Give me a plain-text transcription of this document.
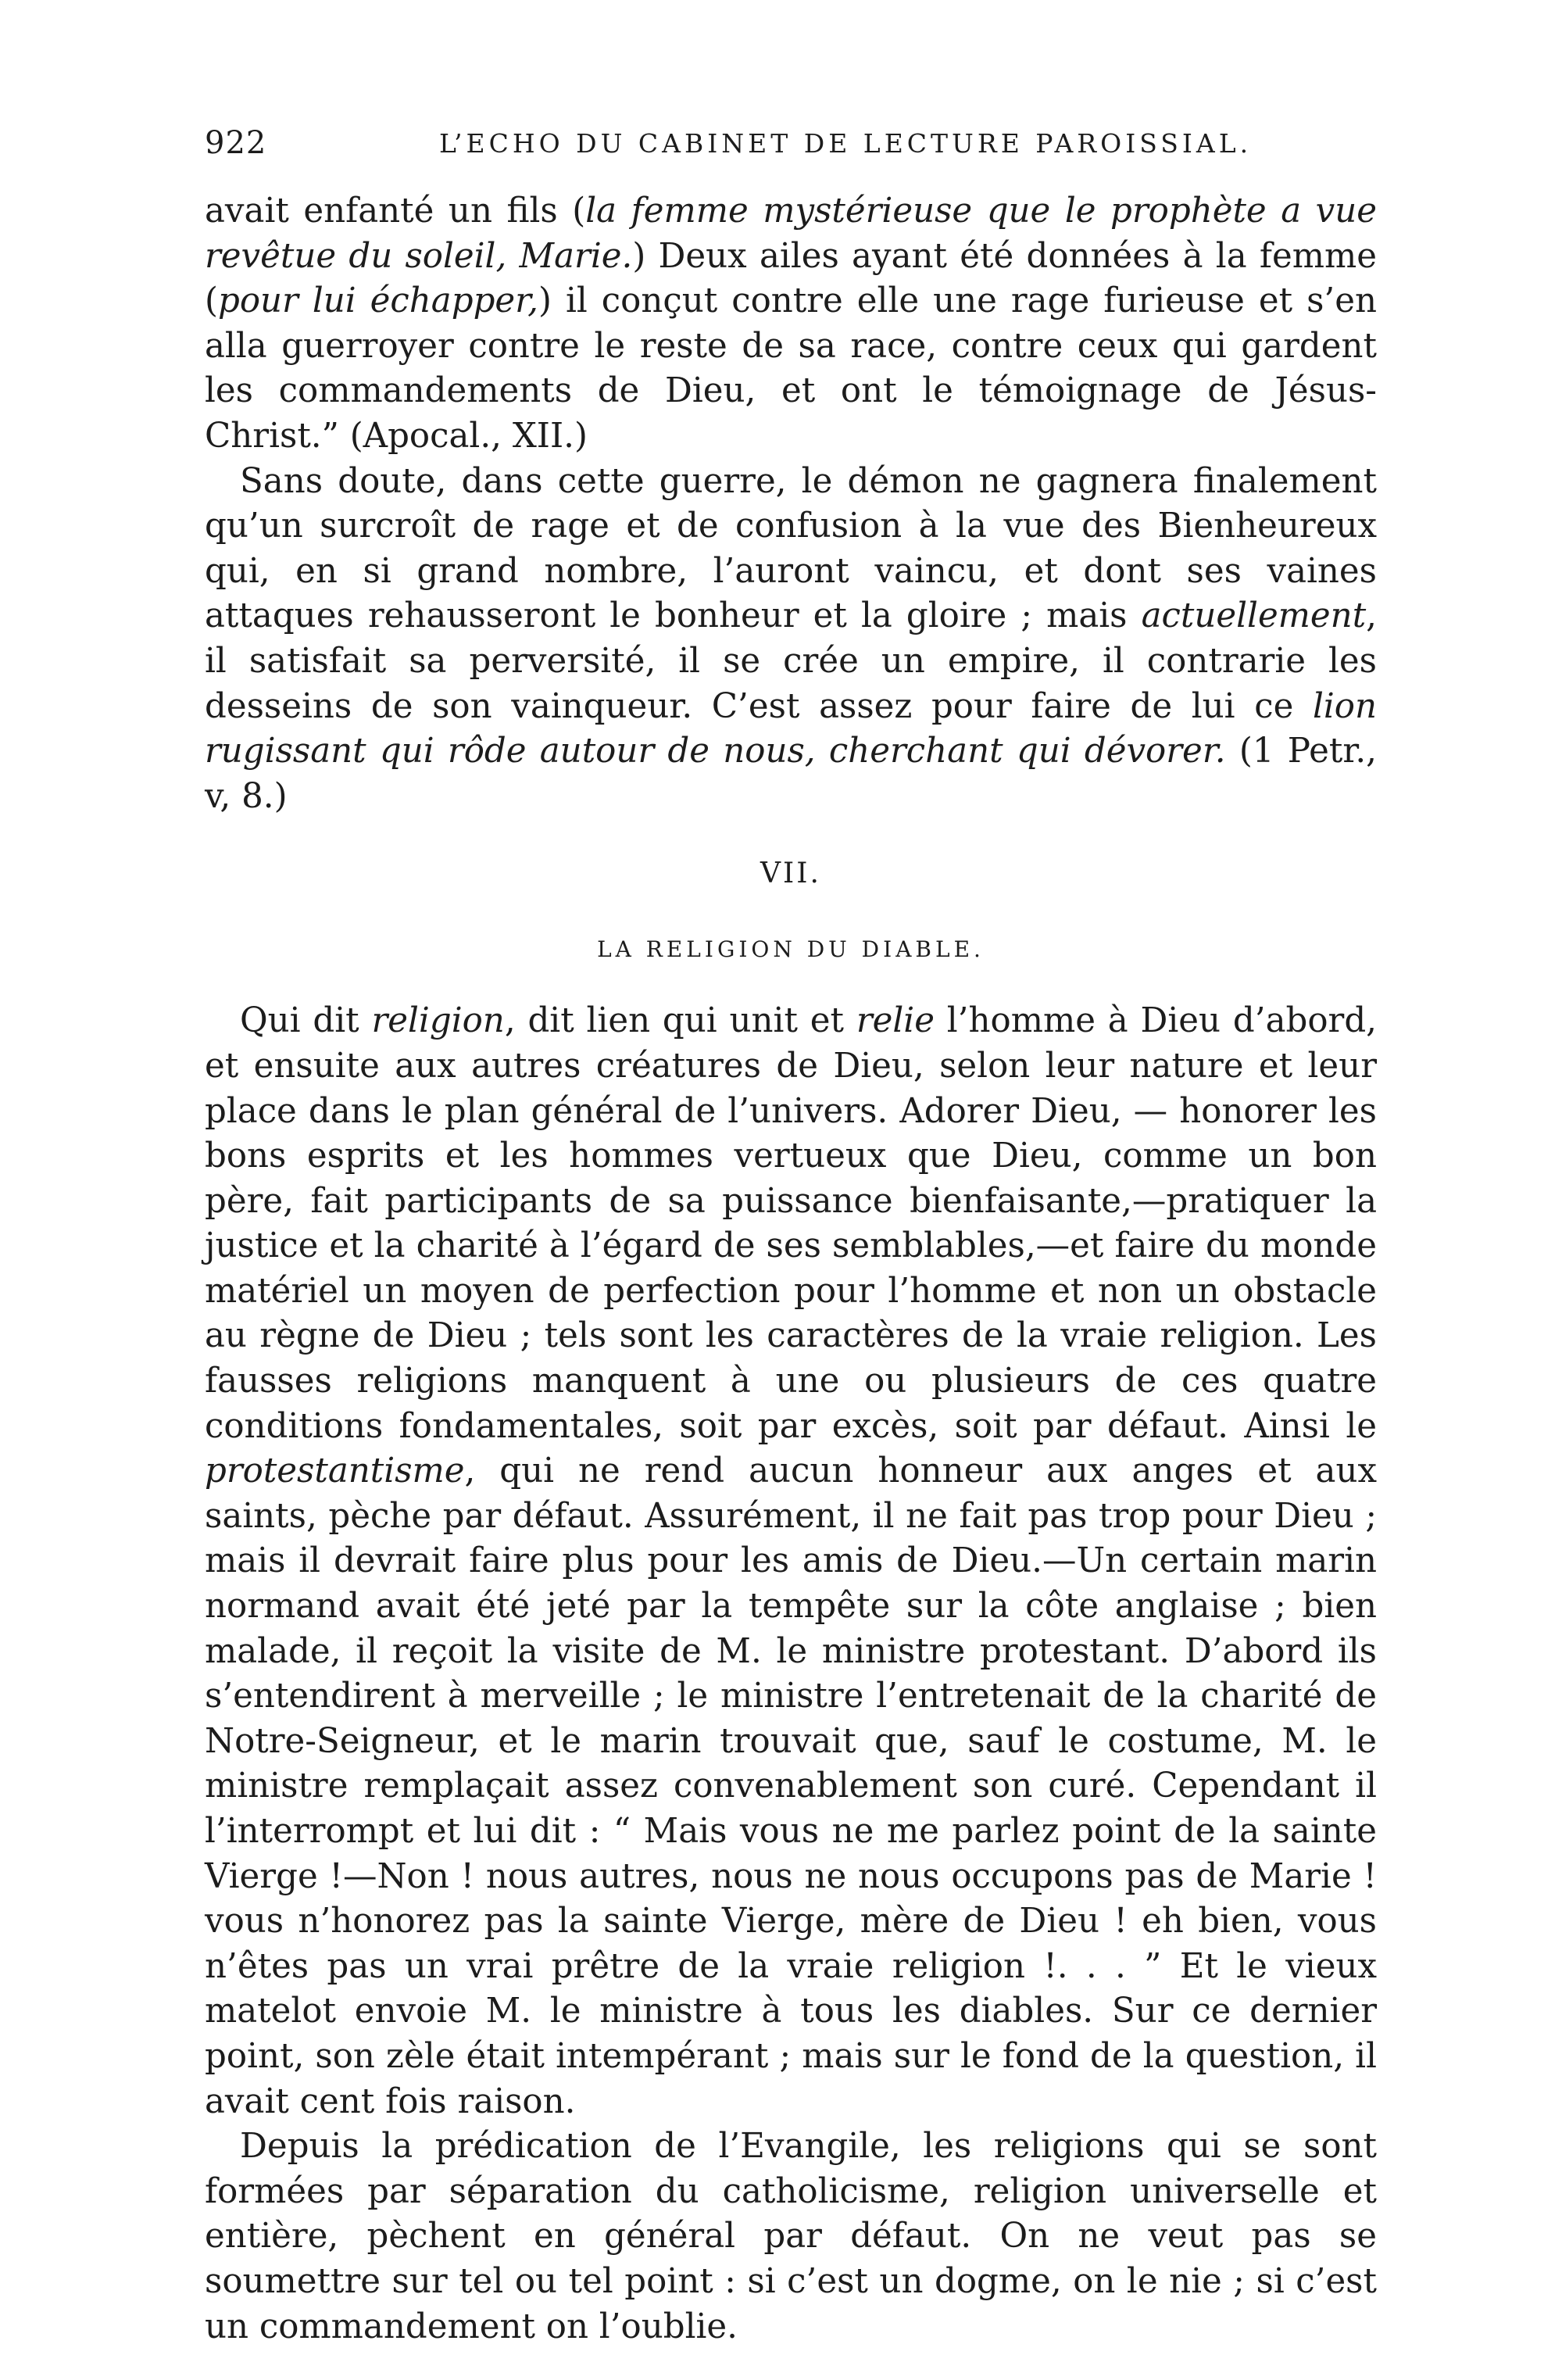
922	L’ECHO DU CABINET DE LECTURE PAROISSIAL.

avait enfanté un fils (la femme mystérieuse que le prophète a vue revêtue du soleil, Marie.) Deux ailes ayant été données à la femme (pour lui échapper,) il conçut contre elle une rage furieuse et s’en alla guerroyer contre le reste de sa race, contre ceux qui gardent les commandements de Dieu, et ont le témoignage de Jésus-Christ.” (Apocal., XII.)

Sans doute, dans cette guerre, le démon ne gagnera finalement qu’un surcroît de rage et de confusion à la vue des Bienheureux qui, en si grand nombre, l’auront vaincu, et dont ses vaines attaques rehausseront le bonheur et la gloire ; mais actuellement, il satisfait sa perversité, il se crée un empire, il contrarie les desseins de son vainqueur. C’est assez pour faire de lui ce lion rugissant qui rôde autour de nous, cherchant qui dévorer. (1 Petr., v, 8.)

VII.
LA RELIGION DU DIABLE.

Qui dit religion, dit lien qui unit et relie l’homme à Dieu d’abord, et ensuite aux autres créatures de Dieu, selon leur nature et leur place dans le plan général de l’univers. Adorer Dieu, — honorer les bons esprits et les hommes vertueux que Dieu, comme un bon père, fait participants de sa puissance bienfaisante,—pratiquer la justice et la charité à l’égard de ses semblables,—et faire du monde matériel un moyen de perfection pour l’homme et non un obstacle au règne de Dieu ; tels sont les caractères de la vraie religion. Les fausses religions manquent à une ou plusieurs de ces quatre conditions fondamentales, soit par excès, soit par défaut. Ainsi le protestantisme, qui ne rend aucun honneur aux anges et aux saints, pèche par défaut. Assurément, il ne fait pas trop pour Dieu ; mais il devrait faire plus pour les amis de Dieu.—Un certain marin normand avait été jeté par la tempête sur la côte anglaise ; bien malade, il reçoit la visite de M. le ministre protestant. D’abord ils s’entendirent à merveille ; le ministre l’entretenait de la charité de Notre-Seigneur, et le marin trouvait que, sauf le costume, M. le ministre remplaçait assez convenablement son curé. Cependant il l’interrompt et lui dit : “ Mais vous ne me parlez point de la sainte Vierge !—Non ! nous autres, nous ne nous occupons pas de Marie ! vous n’honorez pas la sainte Vierge, mère de Dieu ! eh bien, vous n’êtes pas un vrai prêtre de la vraie religion !. . . ” Et le vieux matelot envoie M. le ministre à tous les diables. Sur ce dernier point, son zèle était intempérant ; mais sur le fond de la question, il avait cent fois raison.

Depuis la prédication de l’Evangile, les religions qui se sont formées par séparation du catholicisme, religion universelle et entière, pèchent en général par défaut. On ne veut pas se soumettre sur tel ou tel point : si c’est un dogme, on le nie ; si c’est un commandement on l’oublie.
